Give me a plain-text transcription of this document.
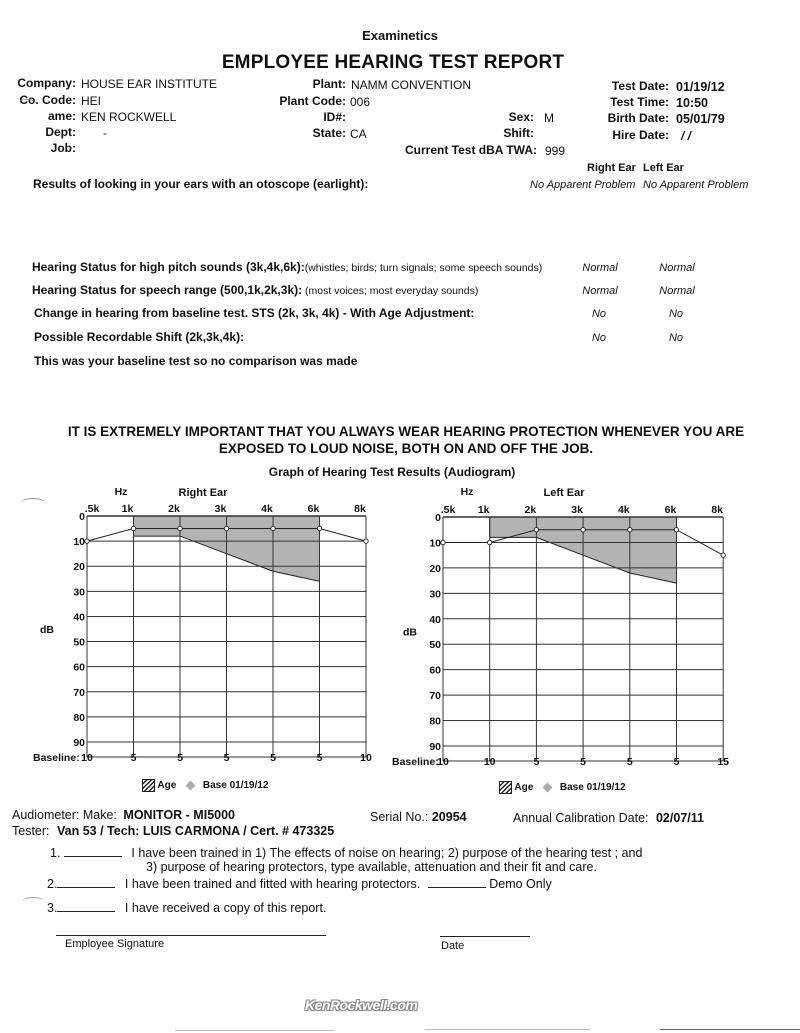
Examinetics
EMPLOYEE HEARING TEST REPORT
Company: HOUSE EAR INSTITUTE
Co. Code: HEI
ame: KEN ROCKWELL
Dept: -
Job:
Plant: NAMM CONVENTION
Plant Code: 006
ID#:
State: CA
Sex: M
Shift:
Current Test dBA TWA: 999
Test Date: 01/19/12
Test Time: 10:50
Birth Date: 05/01/79
Hire Date: / /
Right Ear Left Ear
Results of looking in your ears with an otoscope (earlight):	No Apparent Problem No Apparent Problem
Hearing Status for high pitch sounds (3k,4k,6k):(whistles; birds; turn signals; some speech sounds)	Normal	Normal
Hearing Status for speech range (500,1k,2k,3k): (most voices; most everyday sounds)	Normal	Normal
Change in hearing from baseline test. STS (2k, 3k, 4k) - With Age Adjustment:	No	No
Possible Recordable Shift (2k,3k,4k):	No	No
This was your baseline test so no comparison was made
IT IS EXTREMELY IMPORTANT THAT YOU ALWAYS WEAR HEARING PROTECTION WHENEVER YOU ARE
EXPOSED TO LOUD NOISE, BOTH ON AND OFF THE JOB.
Graph of Hearing Test Results (Audiogram)
0
10
20
30
40
50
60
70
80
90
.5k
10
1k
5
2k
5
3k
5
4k
5
6k
5
8k
10
Hz	Right Ear
dB
Baseline:
0
10
20
30
40
50
60
70
80
90
.5k
10
1k
10
2k
5
3k
5
4k
5
6k
5
8k
15
Hz	Left Ear
dB
Baseline:
Age	Base 01/19/12	Age	Base 01/19/12
Audiometer: Make: MONITOR - MI5000	Serial No.: 20954	Annual Calibration Date: 02/07/11
Tester: Van 53 / Tech: LUIS CARMONA / Cert. # 473325
1.	I have been trained in 1) The effects of noise on hearing; 2) purpose of the hearing test ; and
3) purpose of hearing protectors, type available, attenuation and their fit and care.
2.	I have been trained and fitted with hearing protectors.	Demo Only
3.	I have received a copy of this report.
Employee Signature	Date
KenRockwell.com
